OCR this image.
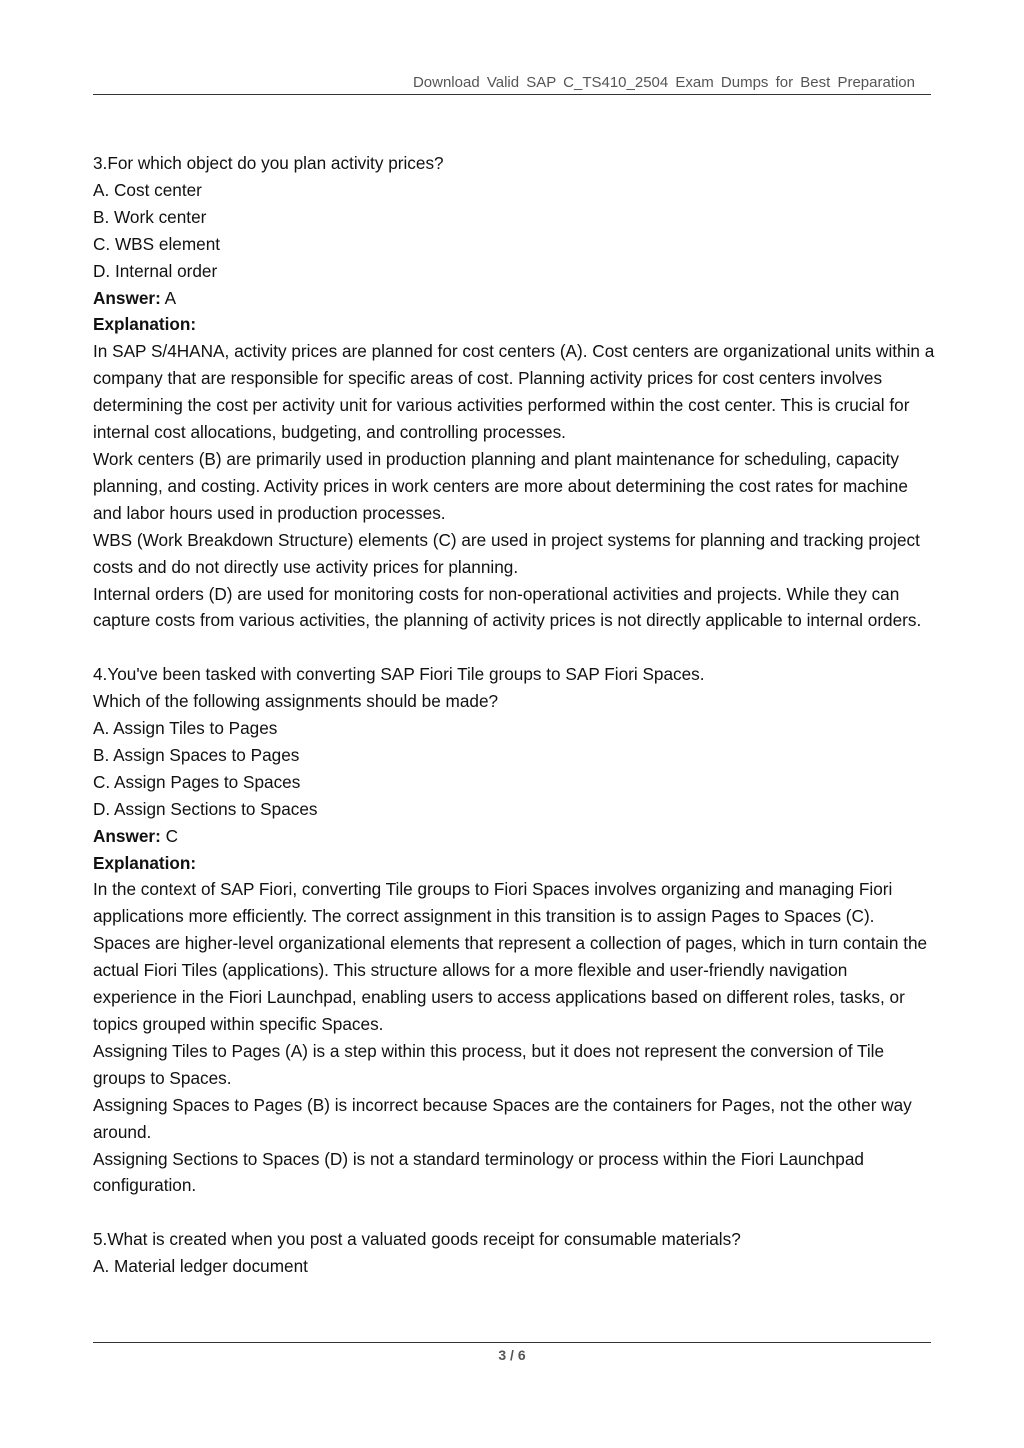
Download Valid SAP C_TS410_2504 Exam Dumps for Best Preparation

3.For which object do you plan activity prices?

A. Cost center

B. Work center

C. WBS element

D. Internal order

Answer: A

Explanation:

In SAP S/4HANA, activity prices are planned for cost centers (A). Cost centers are organizational units within a company that are responsible for specific areas of cost. Planning activity prices for cost centers involves determining the cost per activity unit for various activities performed within the cost center. This is crucial for internal cost allocations, budgeting, and controlling processes.

Work centers (B) are primarily used in production planning and plant maintenance for scheduling, capacity planning, and costing. Activity prices in work centers are more about determining the cost rates for machine and labor hours used in production processes.

WBS (Work Breakdown Structure) elements (C) are used in project systems for planning and tracking project costs and do not directly use activity prices for planning.

Internal orders (D) are used for monitoring costs for non-operational activities and projects. While they can capture costs from various activities, the planning of activity prices is not directly applicable to internal orders.

4.You've been tasked with converting SAP Fiori Tile groups to SAP Fiori Spaces.

Which of the following assignments should be made?

A. Assign Tiles to Pages

B. Assign Spaces to Pages

C. Assign Pages to Spaces

D. Assign Sections to Spaces

Answer: C

Explanation:

In the context of SAP Fiori, converting Tile groups to Fiori Spaces involves organizing and managing Fiori applications more efficiently. The correct assignment in this transition is to assign Pages to Spaces (C). Spaces are higher-level organizational elements that represent a collection of pages, which in turn contain the actual Fiori Tiles (applications). This structure allows for a more flexible and user-friendly navigation experience in the Fiori Launchpad, enabling users to access applications based on different roles, tasks, or topics grouped within specific Spaces.

Assigning Tiles to Pages (A) is a step within this process, but it does not represent the conversion of Tile groups to Spaces.

Assigning Spaces to Pages (B) is incorrect because Spaces are the containers for Pages, not the other way around.

Assigning Sections to Spaces (D) is not a standard terminology or process within the Fiori Launchpad configuration.

5.What is created when you post a valuated goods receipt for consumable materials?

A. Material ledger document

3 / 6
